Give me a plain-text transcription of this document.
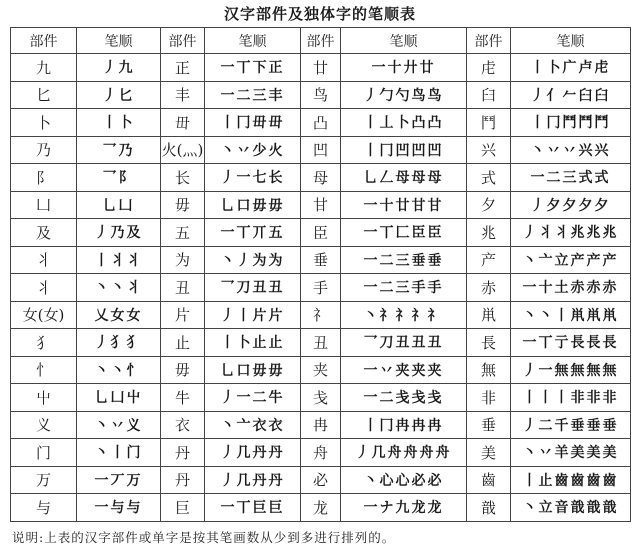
汉字部件及独体字的笔顺表
部件	笔顺	部件	笔顺	部件	笔顺	部件	笔顺
九	丿九	正	一丅下正	廿	一十廾廿	虍	丨卜广卢虍
匕	丿匕	丰	一二三丰	鸟	丿勹勺鸟鸟	臼	丿亻𠂉臼臼
卜	丨卜	毌	丨冂毌毌	凸	丨丄卜凸凸	鬥	丨冂鬥鬥鬥
乃	乛乃	火(灬)	丶丷少火	凹	丨冂凹凹凹	兴	丶丷丷兴兴
阝	乛阝	长	丿一七长	母	乚𠃋母母母	式	一二三式式
凵	乚凵	毋	乚口毋毋	甘	一十廿甘甘	夕	丿夕夕夕夕
及	丿乃及	五	一丅丌五	臣	一丅匚臣臣	兆	丿丬丬兆兆兆
丬	丨丬丬	为	丶丿为为	垂	一二三垂垂	产	丶亠立产产产
丬	丶丶丬	丑	乛刀丑丑	手	一二三手手	赤	一十土赤赤赤
女(女)	乂女女	片	丿丨片片	礻	丶礻礻礻礻	鼡	丶丶丨鼡鼡鼡
犭	丿犭犭	止	丨卜止止	丑	乛刀丑丑丑	長	一丅亍長長長
忄	丶丶忄	毋	乚口毋毋	夹	一丷夹夹夹	無	丿一無無無無
屮	乚凵屮	牛	丿一二牛	戋	一二戋戋戋	非	丨丨丨非非非
义	丶丷义	衣	丶亠衣衣	冉	丨冂冉冉冉	垂	丿二千垂垂垂
门	丶丨门	丹	丿几丹丹	舟	丿几舟舟舟舟	美	丶丷羊美美美
万	一丆万	丹	丿几丹丹	必	丶心心必必	齒	丨止齒齒齒齒
与	一与与	巨	一丅巨巨	龙	一ナ九龙龙	戠	丶立音戠戠戠
说明:上表的汉字部件或单字是按其笔画数从少到多进行排列的。
